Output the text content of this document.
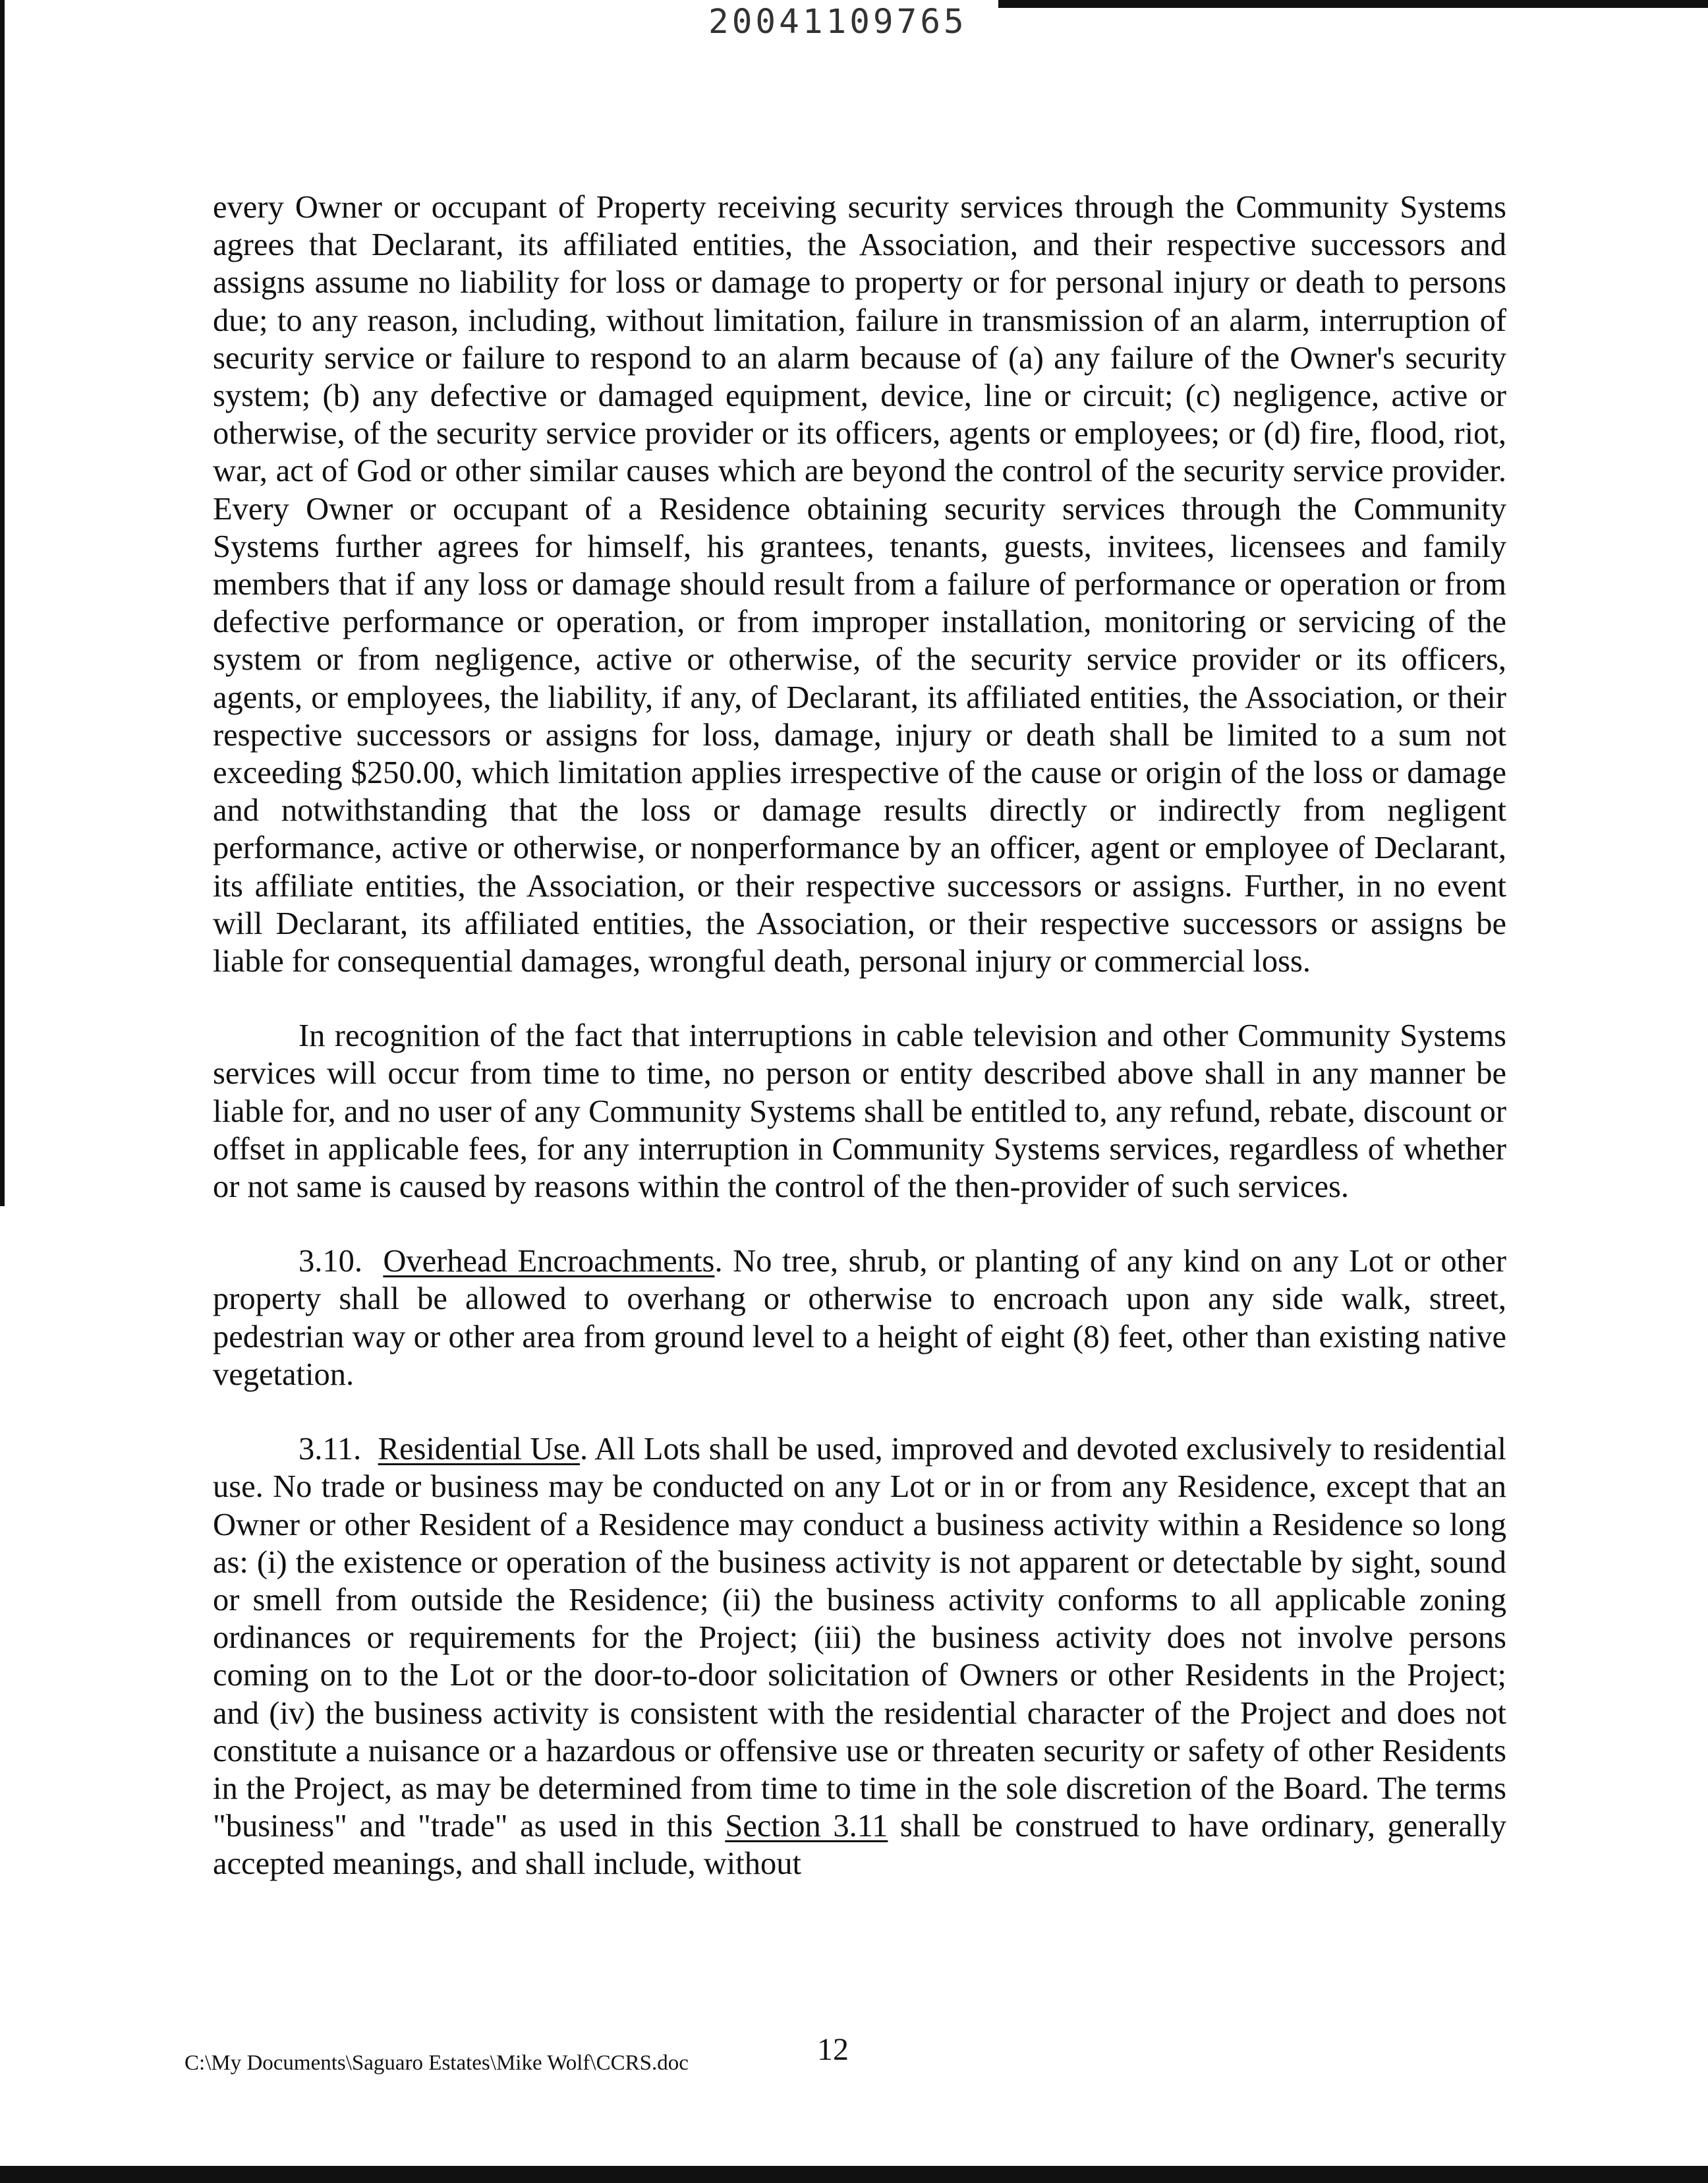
20041109765

every Owner or occupant of Property receiving security services through the Community Systems agrees that Declarant, its affiliated entities, the Association, and their respective successors and assigns assume no liability for loss or damage to property or for personal injury or death to persons due; to any reason, including, without limitation, failure in transmission of an alarm, interruption of security service or failure to respond to an alarm because of (a) any failure of the Owner's security system; (b) any defective or damaged equipment, device, line or circuit; (c) negligence, active or otherwise, of the security service provider or its officers, agents or employees; or (d) fire, flood, riot, war, act of God or other similar causes which are beyond the control of the security service provider. Every Owner or occupant of a Residence obtaining security services through the Community Systems further agrees for himself, his grantees, tenants, guests, invitees, licensees and family members that if any loss or damage should result from a failure of performance or operation or from defective performance or operation, or from improper installation, monitoring or servicing of the system or from negligence, active or otherwise, of the security service provider or its officers, agents, or employees, the liability, if any, of Declarant, its affiliated entities, the Association, or their respective successors or assigns for loss, damage, injury or death shall be limited to a sum not exceeding $250.00, which limitation applies irrespective of the cause or origin of the loss or damage and notwithstanding that the loss or damage results directly or indirectly from negligent performance, active or otherwise, or nonperformance by an officer, agent or employee of Declarant, its affiliate entities, the Association, or their respective successors or assigns. Further, in no event will Declarant, its affiliated entities, the Association, or their respective successors or assigns be liable for consequential damages, wrongful death, personal injury or commercial loss.

In recognition of the fact that interruptions in cable television and other Community Systems services will occur from time to time, no person or entity described above shall in any manner be liable for, and no user of any Community Systems shall be entitled to, any refund, rebate, discount or offset in applicable fees, for any interruption in Community Systems services, regardless of whether or not same is caused by reasons within the control of the then-provider of such services.

3.10. Overhead Encroachments. No tree, shrub, or planting of any kind on any Lot or other property shall be allowed to overhang or otherwise to encroach upon any side walk, street, pedestrian way or other area from ground level to a height of eight (8) feet, other than existing native vegetation.

3.11. Residential Use. All Lots shall be used, improved and devoted exclusively to residential use. No trade or business may be conducted on any Lot or in or from any Residence, except that an Owner or other Resident of a Residence may conduct a business activity within a Residence so long as: (i) the existence or operation of the business activity is not apparent or detectable by sight, sound or smell from outside the Residence; (ii) the business activity conforms to all applicable zoning ordinances or requirements for the Project; (iii) the business activity does not involve persons coming on to the Lot or the door-to-door solicitation of Owners or other Residents in the Project; and (iv) the business activity is consistent with the residential character of the Project and does not constitute a nuisance or a hazardous or offensive use or threaten security or safety of other Residents in the Project, as may be determined from time to time in the sole discretion of the Board. The terms "business" and "trade" as used in this Section 3.11 shall be construed to have ordinary, generally accepted meanings, and shall include, without

12
C:\My Documents\Saguaro Estates\Mike Wolf\CCRS.doc
